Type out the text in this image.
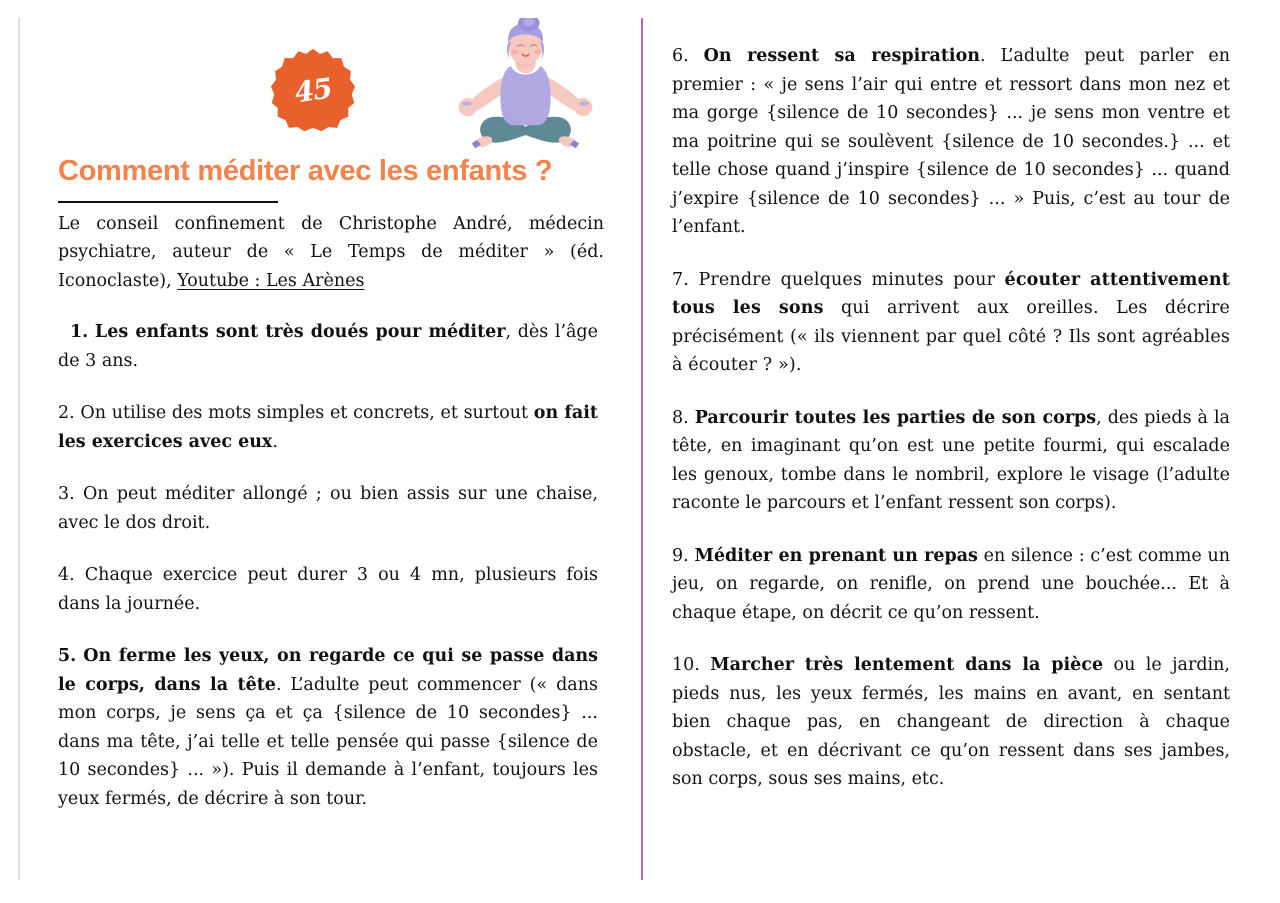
45
Comment méditer avec les enfants ?

Le conseil confinement de Christophe André, médecin psychiatre, auteur de « Le Temps de méditer » (éd. Iconoclaste), Youtube : Les Arènes

1. Les enfants sont très doués pour méditer, dès l’âge de 3 ans.
2. On utilise des mots simples et concrets, et surtout on fait les exercices avec eux.
3. On peut méditer allongé ; ou bien assis sur une chaise, avec le dos droit.
4. Chaque exercice peut durer 3 ou 4 mn, plusieurs fois dans la journée.
5. On ferme les yeux, on regarde ce qui se passe dans le corps, dans la tête. L’adulte peut commencer (« dans mon corps, je sens ça et ça {silence de 10 secondes} ... dans ma tête, j’ai telle et telle pensée qui passe {silence de 10 secondes} ... »). Puis il demande à l’enfant, toujours les yeux fermés, de décrire à son tour.
6. On ressent sa respiration. L’adulte peut parler en premier : « je sens l’air qui entre et ressort dans mon nez et ma gorge {silence de 10 secondes} ... je sens mon ventre et ma poitrine qui se soulèvent {silence de 10 secondes.} ... et telle chose quand j’inspire {silence de 10 secondes} ... quand j’expire {silence de 10 secondes} ... » Puis, c’est au tour de l’enfant.
7. Prendre quelques minutes pour écouter attentivement tous les sons qui arrivent aux oreilles. Les décrire précisément (« ils viennent par quel côté ? Ils sont agréables à écouter ? »).
8. Parcourir toutes les parties de son corps, des pieds à la tête, en imaginant qu’on est une petite fourmi, qui escalade les genoux, tombe dans le nombril, explore le visage (l’adulte raconte le parcours et l’enfant ressent son corps).
9. Méditer en prenant un repas en silence : c’est comme un jeu, on regarde, on renifle, on prend une bouchée... Et à chaque étape, on décrit ce qu’on ressent.
10. Marcher très lentement dans la pièce ou le jardin, pieds nus, les yeux fermés, les mains en avant, en sentant bien chaque pas, en changeant de direction à chaque obstacle, et en décrivant ce qu’on ressent dans ses jambes, son corps, sous ses mains, etc.
